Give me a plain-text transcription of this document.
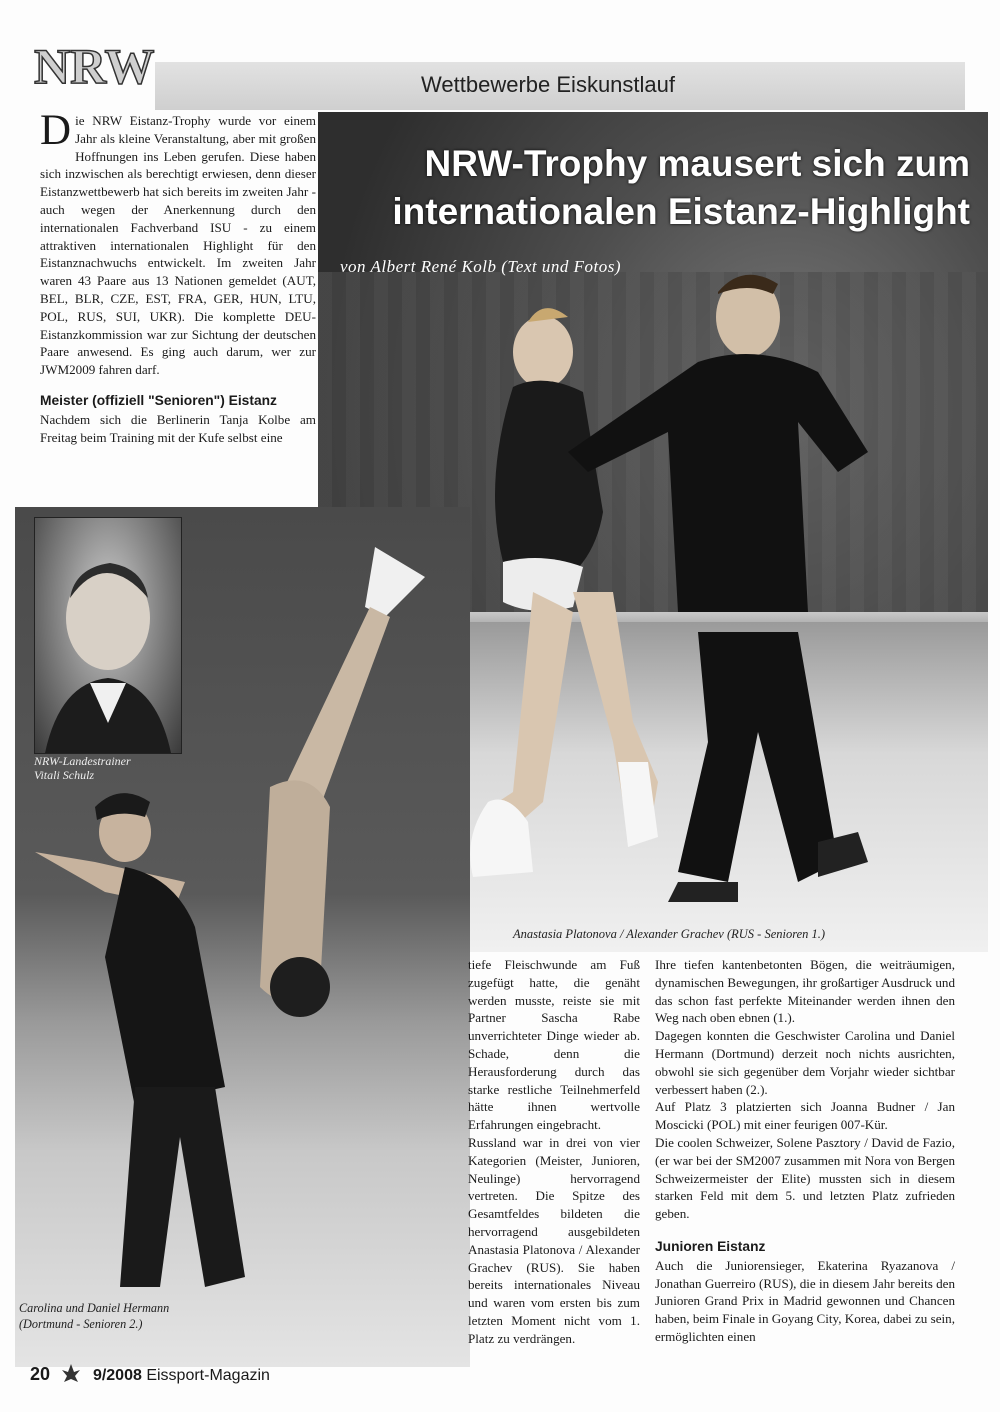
NRW	Wettbewerbe Eiskunstlauf
D ie NRW Eistanz-Trophy wurde vor einem Jahr als kleine Veranstaltung, aber mit großen Hoffnungen ins Leben gerufen. Diese haben sich inzwischen als berechtigt erwiesen, denn dieser Eistanzwettbewerb hat sich bereits im zweiten Jahr - auch wegen der Anerkennung durch den internationalen Fachverband ISU - zu einem attraktiven internationalen Highlight für den Eistanznachwuchs entwickelt. Im zweiten Jahr waren 43 Paare aus 13 Nationen gemeldet (AUT, BEL, BLR, CZE, EST, FRA, GER, HUN, LTU, POL, RUS, SUI, UKR). Die komplette DEU-Eistanzkommission war zur Sichtung der deutschen Paare anwesend. Es ging auch darum, wer zur JWM2009 fahren darf.
Meister (offiziell "Senioren") Eistanz
Nachdem sich die Berlinerin Tanja Kolbe am Freitag beim Training mit der Kufe selbst eine
NRW-Trophy mausert sich zum
internationalen Eistanz-Highlight
von Albert René Kolb (Text und Fotos)
Anastasia Platonova / Alexander Grachev (RUS - Senioren 1.)
NRW-Landestrainer
Vitali Schulz
Carolina und Daniel Hermann
(Dortmund - Senioren 2.)

tiefe Fleischwunde am Fuß zugefügt hatte, die genäht werden musste, reiste sie mit Partner Sascha Rabe unverrichteter Dinge wieder ab. Schade, denn die Herausforderung durch das starke restliche Teilnehmerfeld hätte ihnen wertvolle Erfahrungen eingebracht.

Russland war in drei von vier Kategorien (Meister, Junioren, Neulinge) hervorragend vertreten. Die Spitze des Gesamtfeldes bildeten die hervorragend ausgebildeten Anastasia Platonova / Alexander Grachev (RUS). Sie haben bereits internationales Niveau und waren vom ersten bis zum letzten Moment nicht vom 1. Platz zu verdrängen.

Ihre tiefen kantenbetonten Bögen, die weiträumigen, dynamischen Bewegungen, ihr großartiger Ausdruck und das schon fast perfekte Miteinander werden ihnen den Weg nach oben ebnen (1.).

Dagegen konnten die Geschwister Carolina und Daniel Hermann (Dortmund) derzeit noch nichts ausrichten, obwohl sie sich gegenüber dem Vorjahr wieder sichtbar verbessert haben (2.).

Auf Platz 3 platzierten sich Joanna Budner / Jan Moscicki (POL) mit einer feurigen 007-Kür.

Die coolen Schweizer, Solene Pasztory / David de Fazio, (er war bei der SM2007 zusammen mit Nora von Bergen Schweizermeister der Elite) mussten sich in diesem starken Feld mit dem 5. und letzten Platz zufrieden geben.

Junioren Eistanz

Auch die Juniorensieger, Ekaterina Ryazanova / Jonathan Guerreiro (RUS), die in diesem Jahr bereits den Junioren Grand Prix in Madrid gewonnen und Chancen haben, beim Finale in Goyang City, Korea, dabei zu sein, ermöglichten einen

20	9/2008 Eissport-Magazin
